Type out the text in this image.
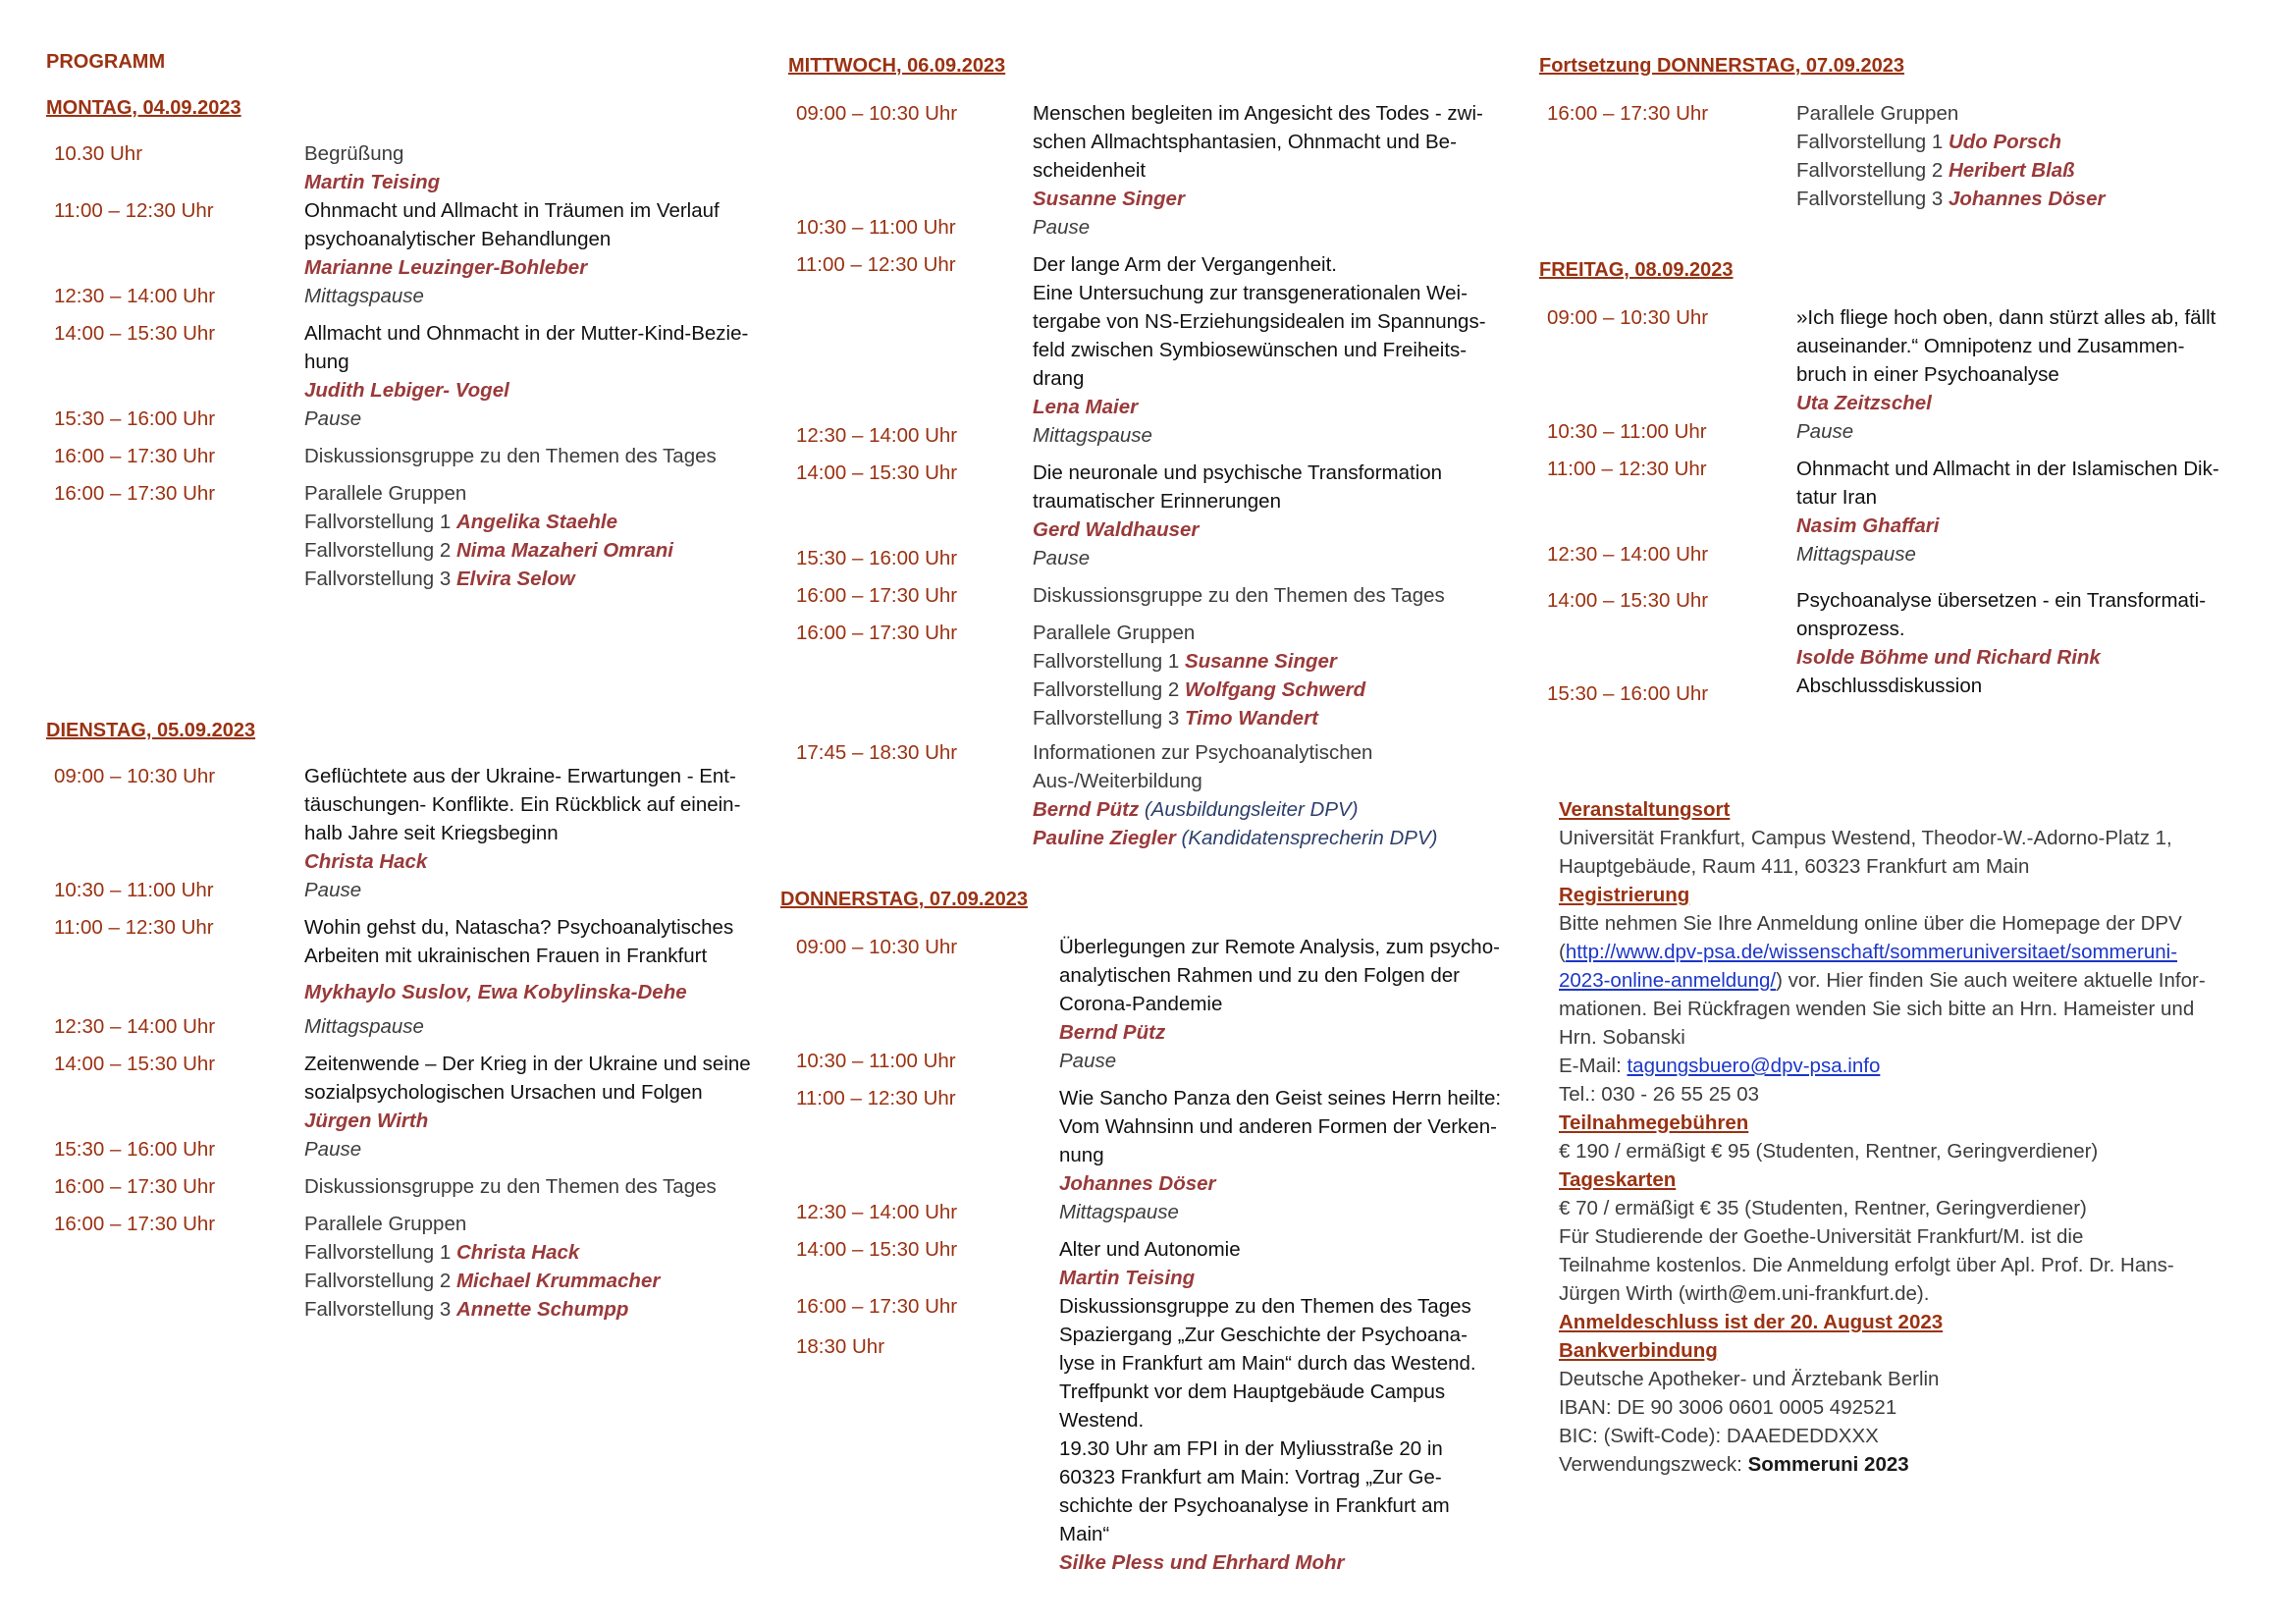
PROGRAMM
MONTAG, 04.09.2023
10.30 Uhr	Begrüßung
Martin Teising
11:00 – 12:30 Uhr	Ohnmacht und Allmacht in Träumen im Verlauf
psychoanalytischer Behandlungen
Marianne Leuzinger-Bohleber
12:30 – 14:00 Uhr	Mittagspause
14:00 – 15:30 Uhr	Allmacht und Ohnmacht in der Mutter-Kind-Bezie-
hung
Judith Lebiger- Vogel
15:30 – 16:00 Uhr	Pause
16:00 – 17:30 Uhr	Diskussionsgruppe zu den Themen des Tages
16:00 – 17:30 Uhr	Parallele Gruppen
Fallvorstellung 1 Angelika Staehle
Fallvorstellung 2 Nima Mazaheri Omrani
Fallvorstellung 3 Elvira Selow
DIENSTAG, 05.09.2023
09:00 – 10:30 Uhr	Geflüchtete aus der Ukraine- Erwartungen - Ent-
täuschungen- Konflikte. Ein Rückblick auf einein-
halb Jahre seit Kriegsbeginn
Christa Hack
10:30 – 11:00 Uhr	Pause
11:00 – 12:30 Uhr	Wohin gehst du, Natascha? Psychoanalytisches
Arbeiten mit ukrainischen Frauen in Frankfurt
Mykhaylo Suslov, Ewa Kobylinska-Dehe
12:30 – 14:00 Uhr	Mittagspause
14:00 – 15:30 Uhr	Zeitenwende – Der Krieg in der Ukraine und seine
sozialpsychologischen Ursachen und Folgen
Jürgen Wirth
15:30 – 16:00 Uhr	Pause
16:00 – 17:30 Uhr	Diskussionsgruppe zu den Themen des Tages
16:00 – 17:30 Uhr	Parallele Gruppen
Fallvorstellung 1 Christa Hack
Fallvorstellung 2 Michael Krummacher
Fallvorstellung 3 Annette Schumpp
MITTWOCH, 06.09.2023
09:00 – 10:30 Uhr	Menschen begleiten im Angesicht des Todes - zwi-
schen Allmachtsphantasien, Ohnmacht und Be-
scheidenheit
Susanne Singer
10:30 – 11:00 Uhr	Pause
11:00 – 12:30 Uhr	Der lange Arm der Vergangenheit.
Eine Untersuchung zur transgenerationalen Wei-
tergabe von NS-Erziehungsidealen im Spannungs-
feld zwischen Symbiosewünschen und Freiheits-
drang
Lena Maier
12:30 – 14:00 Uhr	Mittagspause
14:00 – 15:30 Uhr	Die neuronale und psychische Transformation
traumatischer Erinnerungen
Gerd Waldhauser
15:30 – 16:00 Uhr	Pause
16:00 – 17:30 Uhr	Diskussionsgruppe zu den Themen des Tages
16:00 – 17:30 Uhr	Parallele Gruppen
Fallvorstellung 1 Susanne Singer
Fallvorstellung 2 Wolfgang Schwerd
Fallvorstellung 3 Timo Wandert
17:45 – 18:30 Uhr	Informationen zur Psychoanalytischen
Aus-/Weiterbildung
Bernd Pütz (Ausbildungsleiter DPV)
Pauline Ziegler (Kandidatensprecherin DPV)
DONNERSTAG, 07.09.2023
09:00 – 10:30 Uhr	Überlegungen zur Remote Analysis, zum psycho-
analytischen Rahmen und zu den Folgen der
Corona-Pandemie
Bernd Pütz
10:30 – 11:00 Uhr	Pause
11:00 – 12:30 Uhr	Wie Sancho Panza den Geist seines Herrn heilte:
Vom Wahnsinn und anderen Formen der Verken-
nung
Johannes Döser
12:30 – 14:00 Uhr	Mittagspause
14:00 – 15:30 Uhr	Alter und Autonomie
Martin Teising
16:00 – 17:30 Uhr	Diskussionsgruppe zu den Themen des Tages
18:30 Uhr
Spaziergang „Zur Geschichte der Psychoana-
lyse in Frankfurt am Main“ durch das Westend.
Treffpunkt vor dem Hauptgebäude Campus
Westend.
19.30 Uhr am FPI in der Myliusstraße 20 in
60323 Frankfurt am Main: Vortrag „Zur Ge-
schichte der Psychoanalyse in Frankfurt am
Main“
Silke Pless und Ehrhard Mohr
Fortsetzung DONNERSTAG, 07.09.2023
16:00 – 17:30 Uhr	Parallele Gruppen
Fallvorstellung 1 Udo Porsch
Fallvorstellung 2 Heribert Blaß
Fallvorstellung 3 Johannes Döser
FREITAG, 08.09.2023
09:00 – 10:30 Uhr	»Ich fliege hoch oben, dann stürzt alles ab, fällt
auseinander.“ Omnipotenz und Zusammen-
bruch in einer Psychoanalyse
Uta Zeitzschel
10:30 – 11:00 Uhr	Pause
11:00 – 12:30 Uhr	Ohnmacht und Allmacht in der Islamischen Dik-
tatur Iran
Nasim Ghaffari
12:30 – 14:00 Uhr	Mittagspause
14:00 – 15:30 Uhr	Psychoanalyse übersetzen - ein Transformati-
onsprozess.
Isolde Böhme und Richard Rink
15:30 – 16:00 Uhr	Abschlussdiskussion
Veranstaltungsort
Universität Frankfurt, Campus Westend, Theodor-W.-Adorno-Platz 1,
Hauptgebäude, Raum 411, 60323 Frankfurt am Main
Registrierung
Bitte nehmen Sie Ihre Anmeldung online über die Homepage der DPV
(http://www.dpv-psa.de/wissenschaft/sommeruniversitaet/sommeruni-
2023-online-anmeldung/) vor. Hier finden Sie auch weitere aktuelle Infor-
mationen. Bei Rückfragen wenden Sie sich bitte an Hrn. Hameister und
Hrn. Sobanski
E-Mail: tagungsbuero@dpv-psa.info
Tel.: 030 - 26 55 25 03
Teilnahmegebühren
€ 190 / ermäßigt € 95 (Studenten, Rentner, Geringverdiener)
Tageskarten
€ 70 / ermäßigt € 35 (Studenten, Rentner, Geringverdiener)
Für Studierende der Goethe-Universität Frankfurt/M. ist die
Teilnahme kostenlos. Die Anmeldung erfolgt über Apl. Prof. Dr. Hans-
Jürgen Wirth (wirth@em.uni-frankfurt.de).
Anmeldeschluss ist der 20. August 2023
Bankverbindung
Deutsche Apotheker- und Ärztebank Berlin
IBAN: DE 90 3006 0601 0005 492521
BIC: (Swift-Code): DAAEDEDDXXX
Verwendungszweck: Sommeruni 2023
